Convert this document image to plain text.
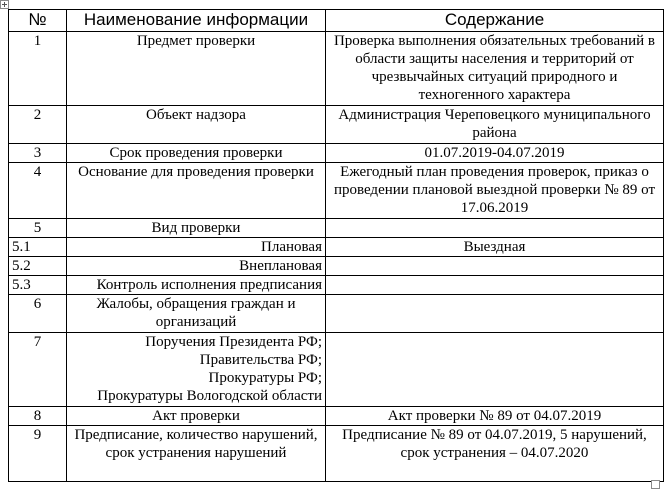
№	Наименование информации	Содержание
1	Предмет проверки	Проверка выполнения обязательных требований в области защиты населения и территорий от чрезвычайных ситуаций природного и техногенного характера
2	Объект надзора	Администрация Череповецкого муниципального района
3	Срок проведения проверки	01.07.2019-04.07.2019
4	Основание для проведения проверки	Ежегодный план проведения проверок, приказ о проведении плановой выездной проверки № 89 от 17.06.2019
5	Вид проверки	
5.1	Плановая	Выездная
5.2	Внеплановая	
5.3	Контроль исполнения предписания	
6	Жалобы, обращения граждан и организаций	
7	Поручения Президента РФ;
Правительства РФ;
Прокуратуры РФ;
Прокуратуры Вологодской области	

8	Акт проверки	Акт проверки № 89 от 04.07.2019
9	Предписание, количество нарушений, срок устранения нарушений	Предписание № 89 от 04.07.2019, 5 нарушений, срок устранения – 04.07.2020
